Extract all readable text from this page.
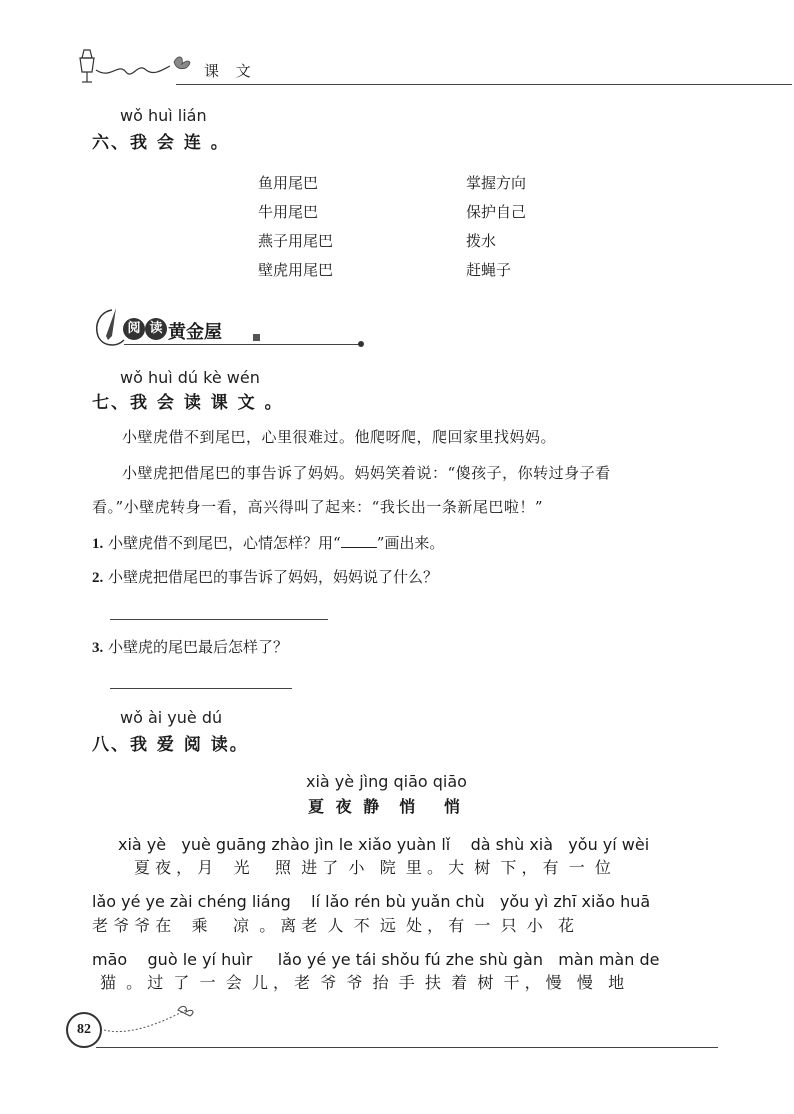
课 文
wǒ huì lián
六、我 会 连 。
鱼用尾巴
牛用尾巴
燕子用尾巴
壁虎用尾巴
掌握方向
保护自己
拨水
赶蝇子
阅 读 黄金屋
wǒ huì dú kè wén
七、我 会 读 课 文 。
小壁虎借不到尾巴，心里很难过。他爬呀爬，爬回家里找妈妈。
小壁虎把借尾巴的事告诉了妈妈。妈妈笑着说：“傻孩子，你转过身子看
看。”小壁虎转身一看，高兴得叫了起来：“我长出一条新尾巴啦！”
1. 小壁虎借不到尾巴，心情怎样？用“ ”画出来。
2. 小壁虎把借尾巴的事告诉了妈妈，妈妈说了什么？
3. 小壁虎的尾巴最后怎样了？
wǒ ài yuè dú
八、我 爱 阅 读。
xià yè jìng qiāo qiāo
夏 夜 静  悄   悄
xià yè   yuè guāng zhào jìn le xiǎo yuàn lǐ    dà shù xià   yǒu yí wèi
夏 夜 ， 月    光     照  进 了  小   院  里 。 大  树  下 ， 有  一  位
lǎo yé ye zài chéng liáng    lí lǎo rén bù yuǎn chù   yǒu yì zhī xiǎo huā
老 爷 爷 在    乘     凉  。 离 老  人  不  远  处 ， 有  一  只  小   花
māo    guò le yí huìr     lǎo yé ye tái shǒu fú zhe shù gàn   màn màn de
猫  。 过  了  一  会  儿 ， 老  爷  爷  抬  手  扶  着  树  干 ， 慢   慢   地
82
